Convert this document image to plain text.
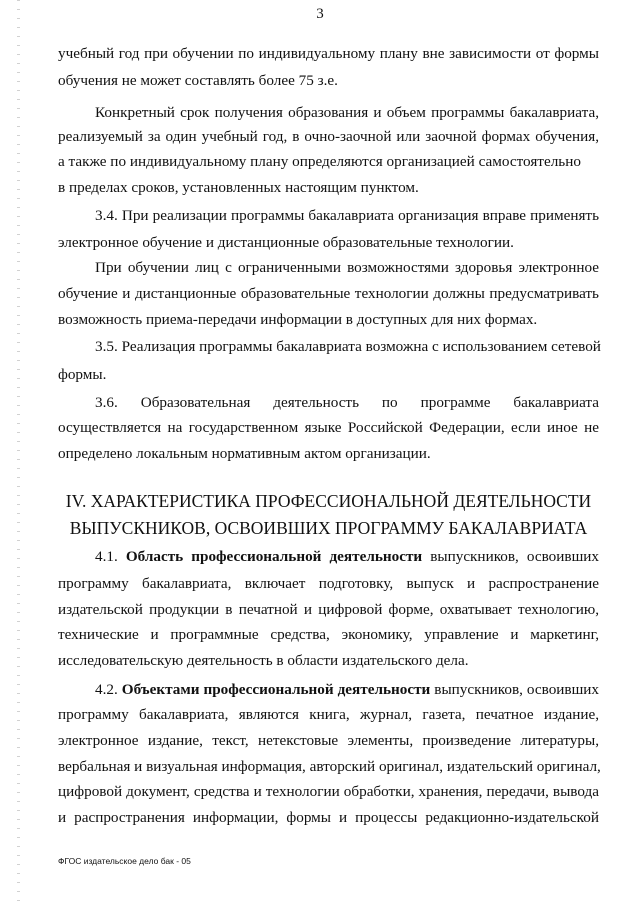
3
учебный год при обучении по индивидуальному плану вне зависимости от формы
обучения не может составлять более 75 з.е.
Конкретный срок получения образования и объем программы бакалавриата,
реализуемый за один учебный год, в очно-заочной или заочной формах обучения,
а также по индивидуальному плану определяются организацией самостоятельно
в пределах сроков, установленных настоящим пунктом.
3.4. При реализации программы бакалавриата организация вправе применять
электронное обучение и дистанционные образовательные технологии.
При обучении лиц с ограниченными возможностями здоровья электронное
обучение и дистанционные образовательные технологии должны предусматривать
возможность приема-передачи информации в доступных для них формах.
3.5. Реализация программы бакалавриата возможна с использованием сетевой
формы.
3.6. Образовательная деятельность по программе бакалавриата
осуществляется на государственном языке Российской Федерации, если иное не
определено локальным нормативным актом организации.
IV. ХАРАКТЕРИСТИКА ПРОФЕССИОНАЛЬНОЙ ДЕЯТЕЛЬНОСТИ
ВЫПУСКНИКОВ, ОСВОИВШИХ ПРОГРАММУ БАКАЛАВРИАТА
4.1. Область профессиональной деятельности выпускников, освоивших
программу бакалавриата, включает подготовку, выпуск и распространение
издательской продукции в печатной и цифровой форме, охватывает технологию,
технические и программные средства, экономику, управление и маркетинг,
исследовательскую деятельность в области издательского дела.
4.2. Объектами профессиональной деятельности выпускников, освоивших
программу бакалавриата, являются книга, журнал, газета, печатное издание,
электронное издание, текст, нетекстовые элементы, произведение литературы,
вербальная и визуальная информация, авторский оригинал, издательский оригинал,
цифровой документ, средства и технологии обработки, хранения, передачи, вывода
и распространения информации, формы и процессы редакционно-издательской
ФГОС издательское дело бак - 05
